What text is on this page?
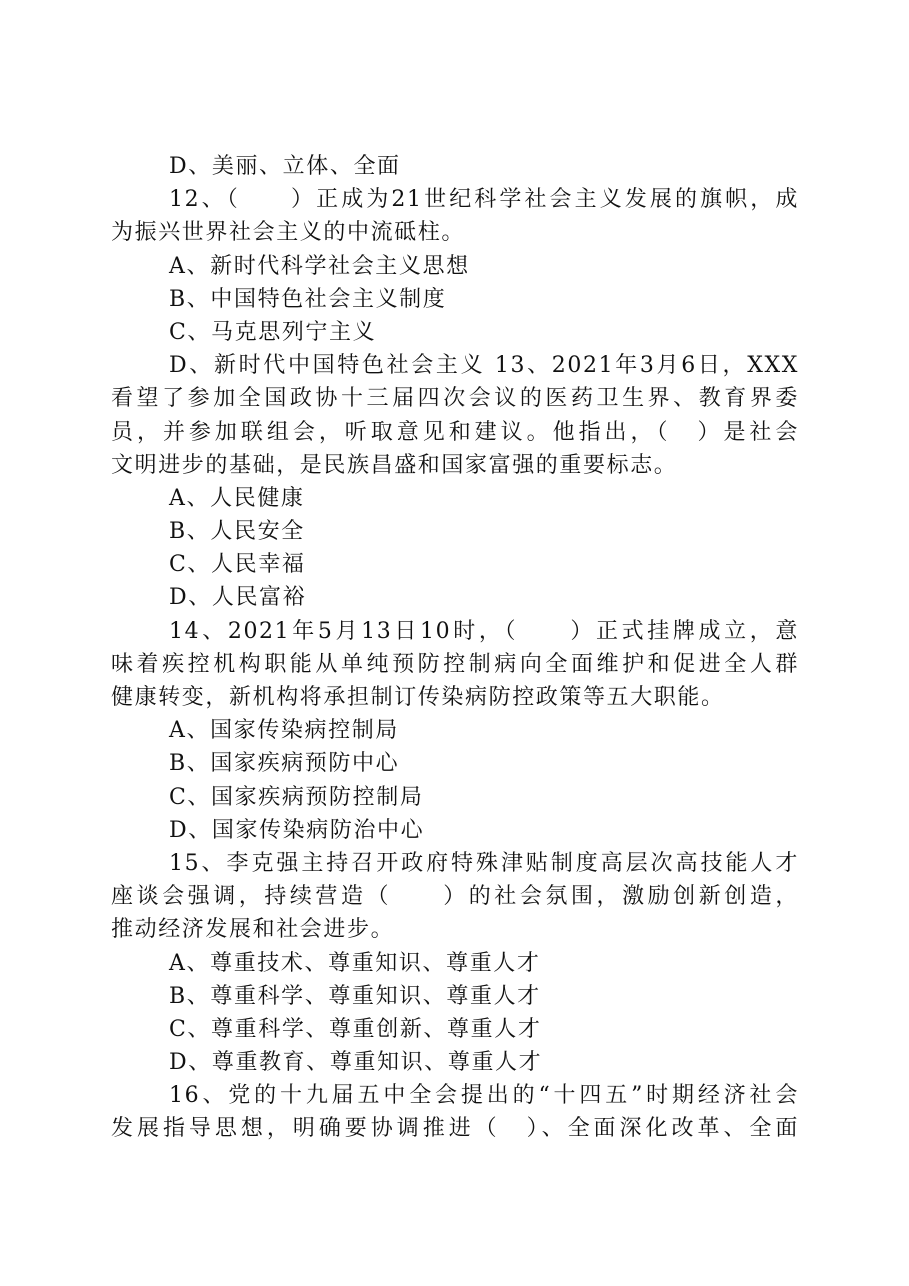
D、美丽、立体、全面
12、（　　）正成为21世纪科学社会主义发展的旗帜，成
为振兴世界社会主义的中流砥柱。
A、新时代科学社会主义思想
B、中国特色社会主义制度
C、马克思列宁主义
D、新时代中国特色社会主义 13、2021年3月6日，XXX
看望了参加全国政协十三届四次会议的医药卫生界、教育界委
员，并参加联组会，听取意见和建议。他指出，（　）是社会
文明进步的基础，是民族昌盛和国家富强的重要标志。
A、人民健康
B、人民安全
C、人民幸福
D、人民富裕
14、2021年5月13日10时，（　　）正式挂牌成立，意
味着疾控机构职能从单纯预防控制病向全面维护和促进全人群
健康转变，新机构将承担制订传染病防控政策等五大职能。
A、国家传染病控制局
B、国家疾病预防中心
C、国家疾病预防控制局
D、国家传染病防治中心
15、李克强主持召开政府特殊津贴制度高层次高技能人才
座谈会强调，持续营造（　　）的社会氛围，激励创新创造，
推动经济发展和社会进步。
A、尊重技术、尊重知识、尊重人才
B、尊重科学、尊重知识、尊重人才
C、尊重科学、尊重创新、尊重人才
D、尊重教育、尊重知识、尊重人才
16、党的十九届五中全会提出的“十四五”时期经济社会
发展指导思想，明确要协调推进（　）、全面深化改革、全面
